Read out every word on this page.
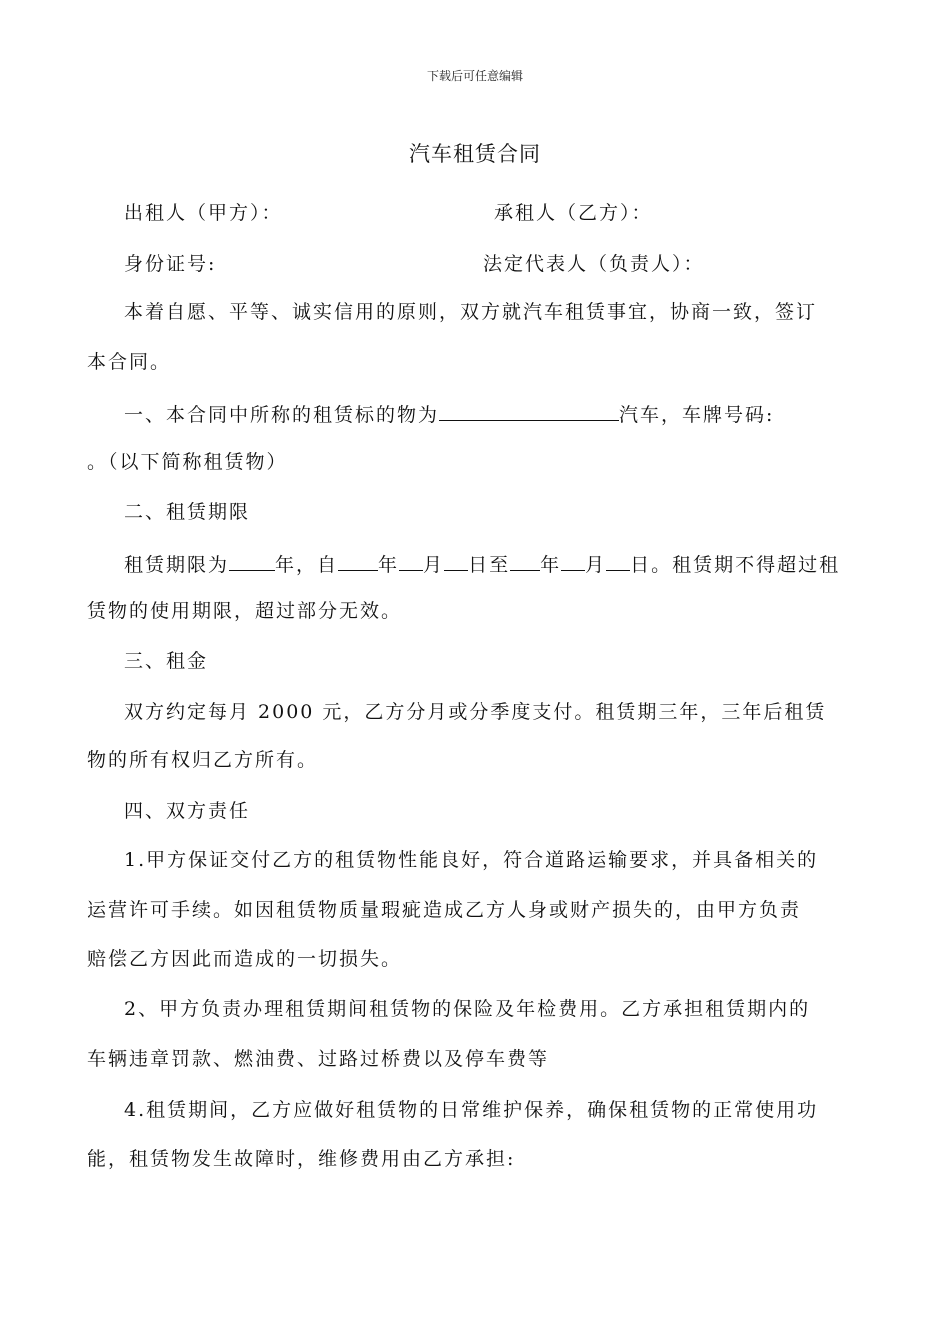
下载后可任意编辑
汽车租赁合同
出租人（甲方）：	承租人（乙方）：
身份证号:	法定代表人（负责人）：
本着自愿、平等、诚实信用的原则，双方就汽车租赁事宜，协商一致，签订
本合同。
一、本合同中所称的租赁标的物为	汽车，车牌号码:
。（以下简称租赁物）
二、租赁期限
租赁期限为 年，自 年 月 日至 年 月 日。租赁期不得超过租
赁物的使用期限，超过部分无效。
三、租金
双方约定每月 2000 元，乙方分月或分季度支付。租赁期三年，三年后租赁
物的所有权归乙方所有。
四、双方责任
1.甲方保证交付乙方的租赁物性能良好，符合道路运输要求，并具备相关的
运营许可手续。如因租赁物质量瑕疵造成乙方人身或财产损失的，由甲方负责
赔偿乙方因此而造成的一切损失。
2、甲方负责办理租赁期间租赁物的保险及年检费用。乙方承担租赁期内的
车辆违章罚款、燃油费、过路过桥费以及停车费等
4.租赁期间，乙方应做好租赁物的日常维护保养，确保租赁物的正常使用功
能，租赁物发生故障时，维修费用由乙方承担:
